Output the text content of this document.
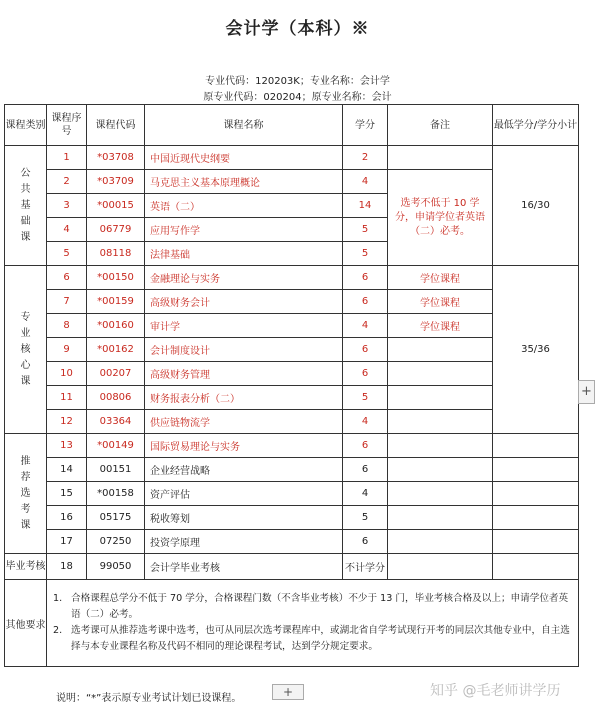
会计学（本科）※
专业代码：120203K；专业名称：会计学
原专业代码：020204；原专业名称：会计
课程类别	课程序号	课程代码	课程名称	学分	备注	最低学分/学分小计
公共基础课	1	*03708	中国近现代史纲要	2		16/30
	2	*03709	马克思主义基本原理概论	4	选考不低于 10 学分，申请学位者英语（二）必考。	
	3	*00015	英语（二）	14		
	4	06779	应用写作学	5		
	5	08118	法律基础	5		
专业核心课	6	*00150	金融理论与实务	6	学位课程	35/36
	7	*00159	高级财务会计	6	学位课程	
	8	*00160	审计学	4	学位课程	
	9	*00162	会计制度设计	6		
	10	00207	高级财务管理	6		
	11	00806	财务报表分析（二）	5		
	12	03364	供应链物流学	4		
推荐选考课	13	*00149	国际贸易理论与实务	6		
	14	00151	企业经营战略	6		
	15	*00158	资产评估	4		
	16	05175	税收筹划	5		
	17	07250	投资学原理	6		
毕业考核	18	99050	会计学毕业考核	不计学分		
其他要求	1. 合格课程总学分不低于 70 学分，合格课程门数（不含毕业考核）不少于 13 门，毕业考核合格及以上；申请学位者英语（二）必考。
2. 选考课可从推荐选考课中选考，也可从同层次选考课程库中，或湖北省自学考试现行开考的同层次其他专业中，自主选择与本专业课程名称及代码不相同的理论课程考试，达到学分规定要求。					
说明：“*”表示原专业考试计划已设课程。
+
+	知乎 @毛老师讲学历
